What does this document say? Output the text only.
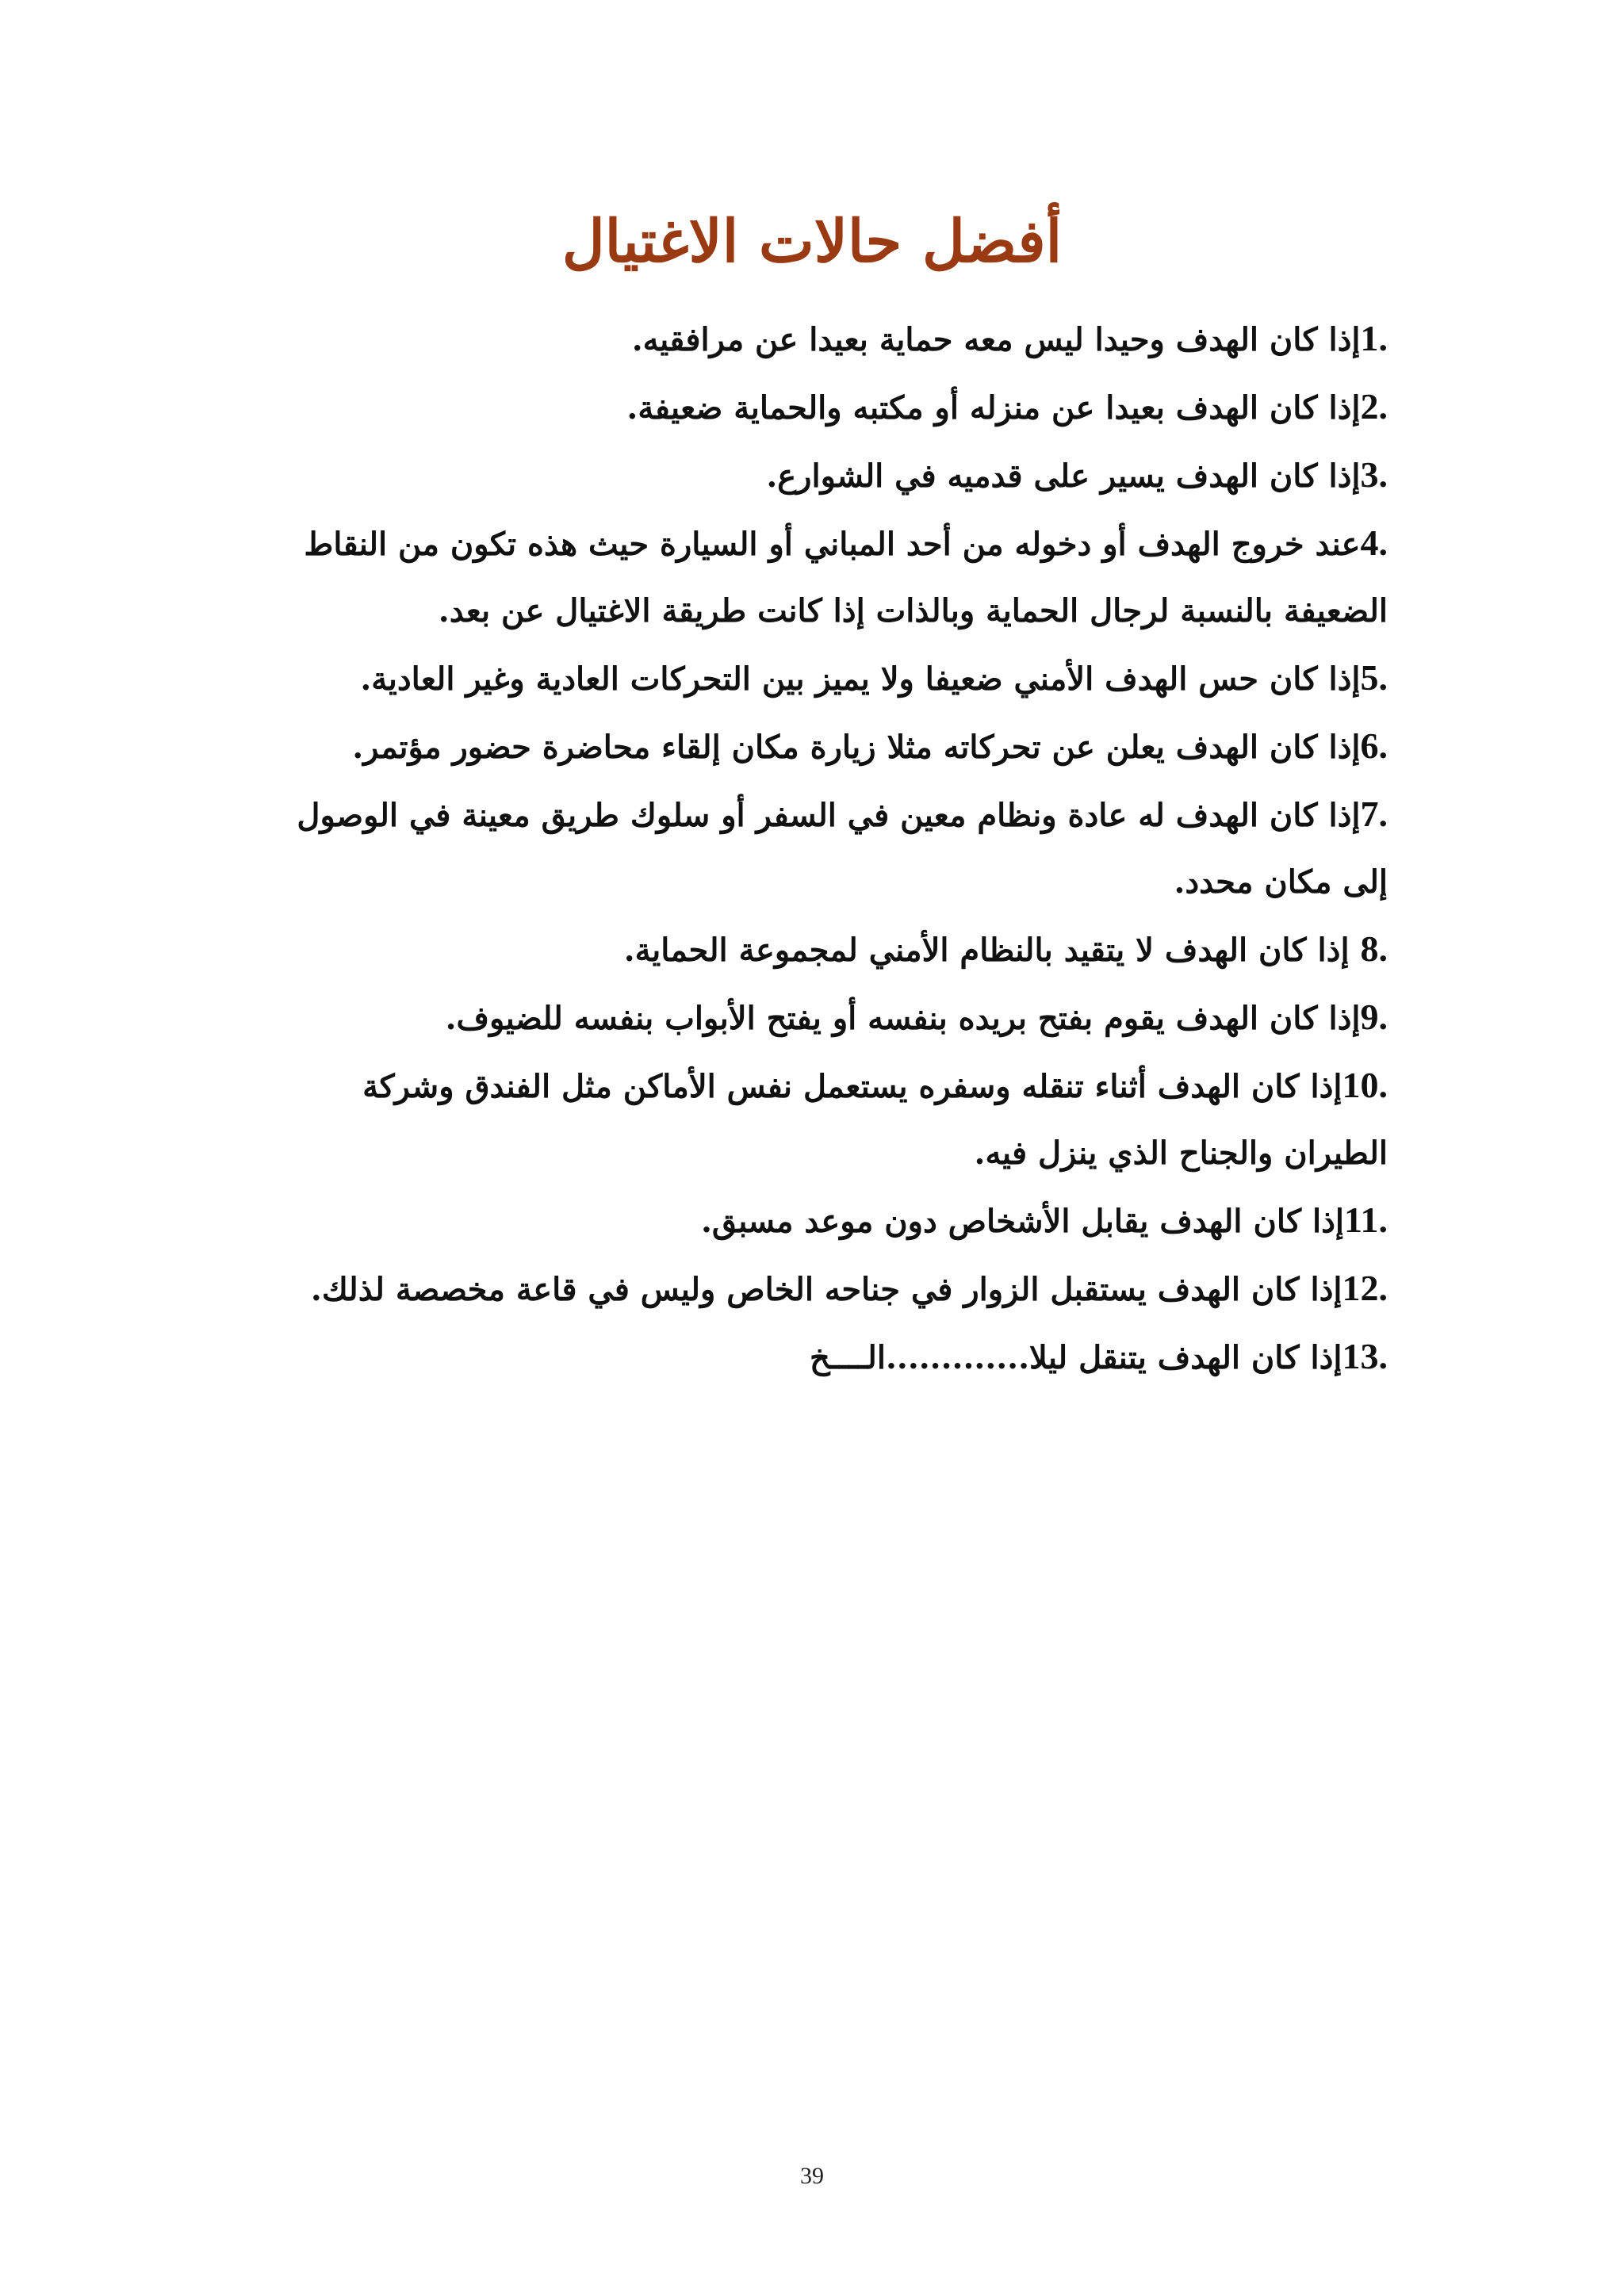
أفضل حالات الاغتيال

1.إذا كان الهدف وحيدا ليس معه حماية بعيدا عن مرافقيه.

2.إذا كان الهدف بعيدا عن منزله أو مكتبه والحماية ضعيفة.

3.إذا كان الهدف يسير على قدميه في الشوارع.

4.عند خروج الهدف أو دخوله من أحد المباني أو السيارة حيث هذه تكون من النقاط الضعيفة بالنسبة لرجال الحماية وبالذات إذا كانت طريقة الاغتيال عن بعد.

5.إذا كان حس الهدف الأمني ضعيفا ولا يميز بين التحركات العادية وغير العادية.

6.إذا كان الهدف يعلن عن تحركاته مثلا زيارة مكان إلقاء محاضرة حضور مؤتمر.

7.إذا كان الهدف له عادة ونظام معين في السفر أو سلوك طريق معينة في الوصول إلى مكان محدد.

8. إذا كان الهدف لا يتقيد بالنظام الأمني لمجموعة الحماية.

9.إذا كان الهدف يقوم بفتح بريده بنفسه أو يفتح الأبواب بنفسه للضيوف.

10.إذا كان الهدف أثناء تنقله وسفره يستعمل نفس الأماكن مثل الفندق وشركة الطيران والجناح الذي ينزل فيه.

11.إذا كان الهدف يقابل الأشخاص دون موعد مسبق.

12.إذا كان الهدف يستقبل الزوار في جناحه الخاص وليس في قاعة مخصصة لذلك.

13.إذا كان الهدف يتنقل ليلا.............الــــخ

39
